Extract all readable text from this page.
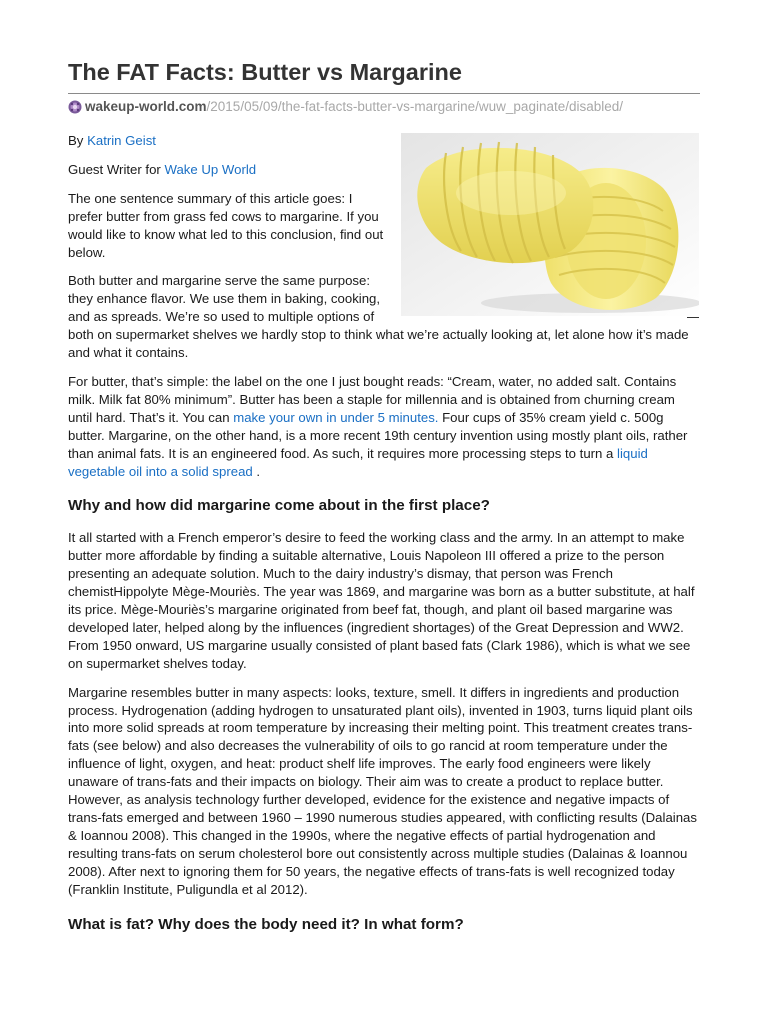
The FAT Facts: Butter vs Margarine
wakeup-world.com /2015/05/09/the-fat-facts-butter-vs-margarine/wuw_paginate/disabled/

By Katrin Geist

Guest Writer for Wake Up World

The one sentence summary of this article goes: I prefer butter from grass fed cows to margarine. If you would like to know what led to this conclusion, find out below.

Both butter and margarine serve the same purpose: they enhance flavor. We use them in baking, cooking, and as spreads. We’re so used to multiple options of both on supermarket shelves we hardly stop to think what we’re actually looking at, let alone how it’s made and what it contains.

For butter, that’s simple: the label on the one I just bought reads: “Cream, water, no added salt. Contains milk. Milk fat 80% minimum”. Butter has been a staple for millennia and is obtained from churning cream until hard. That’s it. You can make your own in under 5 minutes. Four cups of 35% cream yield c. 500g butter. Margarine, on the other hand, is a more recent 19th century invention using mostly plant oils, rather than animal fats. It is an engineered food. As such, it requires more processing steps to turn a liquid vegetable oil into a solid spread .

Why and how did margarine come about in the first place?

It all started with a French emperor’s desire to feed the working class and the army. In an attempt to make butter more affordable by finding a suitable alternative, Louis Napoleon III offered a prize to the person presenting an adequate solution. Much to the dairy industry’s dismay, that person was French chemistHippolyte Mège-Mouriès. The year was 1869, and margarine was born as a butter substitute, at half its price. Mège-Mouriès’s margarine originated from beef fat, though, and plant oil based margarine was developed later, helped along by the influences (ingredient shortages) of the Great Depression and WW2. From 1950 onward, US margarine usually consisted of plant based fats (Clark 1986), which is what we see on supermarket shelves today.

Margarine resembles butter in many aspects: looks, texture, smell. It differs in ingredients and production process. Hydrogenation (adding hydrogen to unsaturated plant oils), invented in 1903, turns liquid plant oils into more solid spreads at room temperature by increasing their melting point. This treatment creates trans-fats (see below) and also decreases the vulnerability of oils to go rancid at room temperature under the influence of light, oxygen, and heat: product shelf life improves. The early food engineers were likely unaware of trans-fats and their impacts on biology. Their aim was to create a product to replace butter. However, as analysis technology further developed, evidence for the existence and negative impacts of trans-fats emerged and between 1960 – 1990 numerous studies appeared, with conflicting results (Dalainas & Ioannou 2008). This changed in the 1990s, where the negative effects of partial hydrogenation and resulting trans-fats on serum cholesterol bore out consistently across multiple studies (Dalainas & Ioannou 2008). After next to ignoring them for 50 years, the negative effects of trans-fats is well recognized today (Franklin Institute, Puligundla et al 2012).

What is fat? Why does the body need it? In what form?
